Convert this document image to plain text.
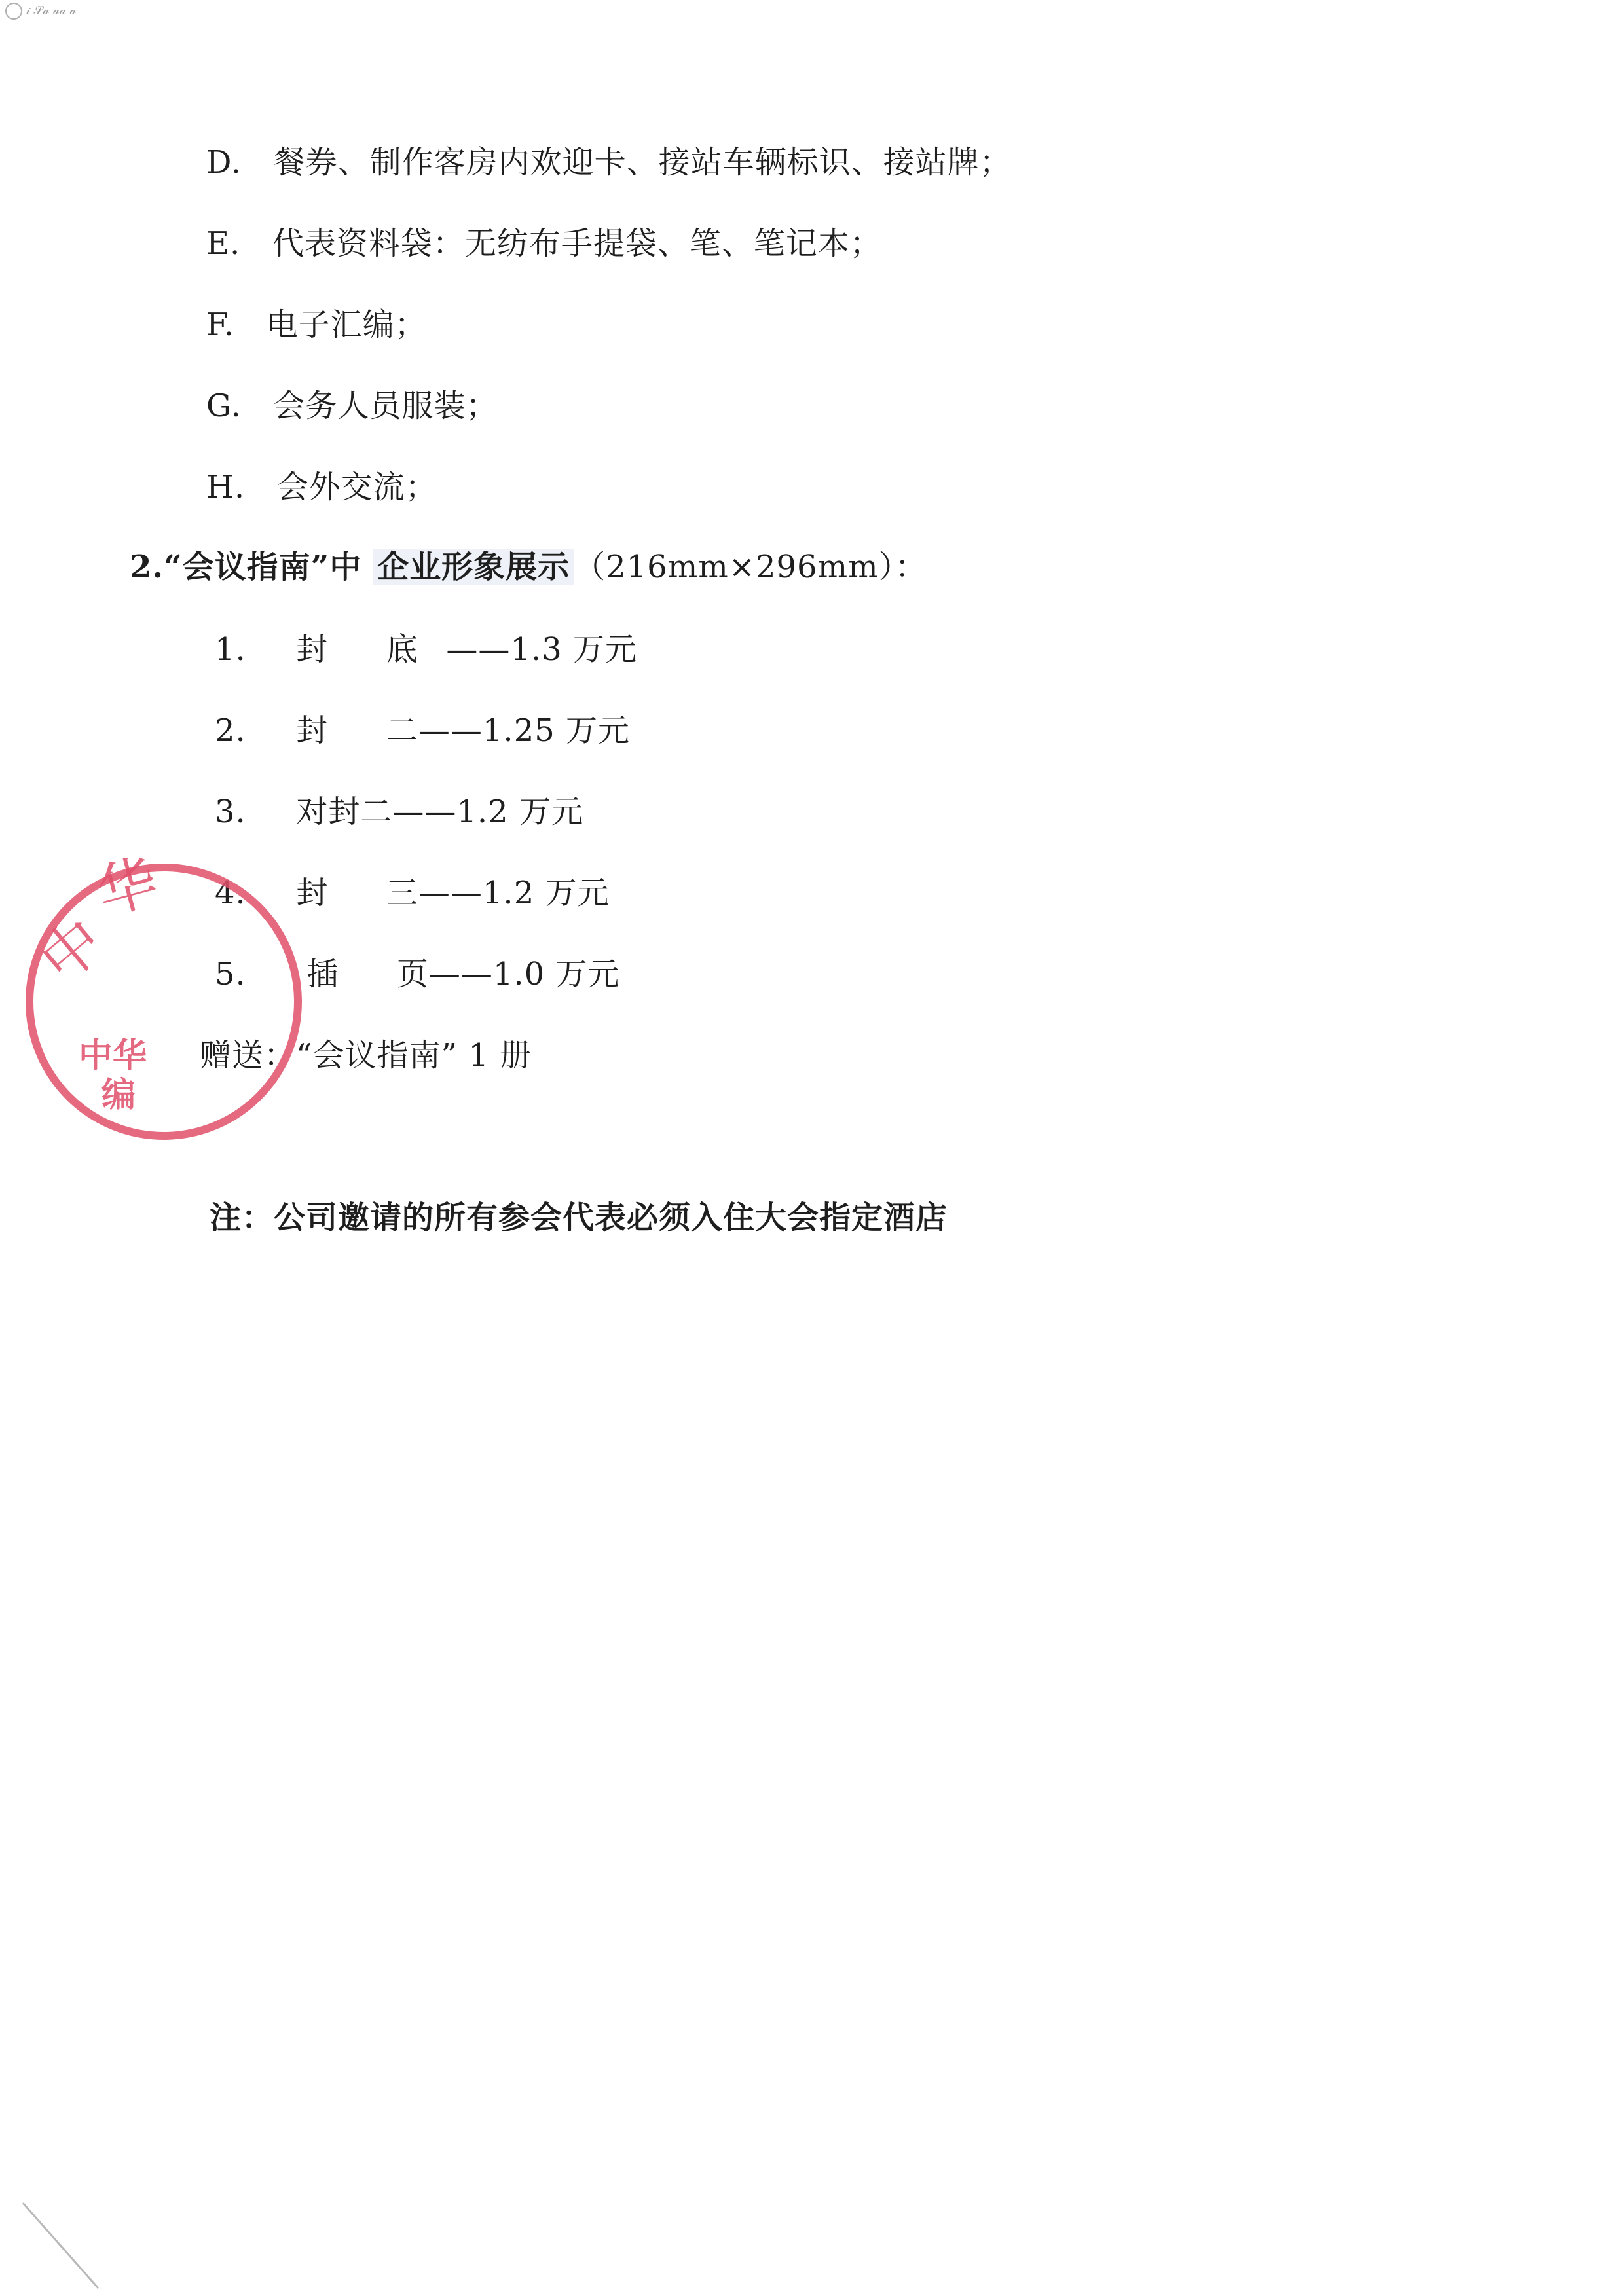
𝒾 𝒮𝒶 𝒶𝒶 𝒶
D. 餐券、制作客房内欢迎卡、接站车辆标识、接站牌；
E. 代表资料袋：无纺布手提袋、笔、笔记本；
F. 电子汇编；
G. 会务人员服装；
H. 会外交流；
2.“会议指南”中 企业形象展示 （216mm×296mm）：
1. 封 底 ——1.3 万元
2. 封 二——1.25 万元
3. 对封二——1.2 万元
4. 封 三——1.2 万元
5. 插 页——1.0 万元
赠送：“会议指南” 1 册
注：公司邀请的所有参会代表必须入住大会指定酒店
中
华
中华
编
